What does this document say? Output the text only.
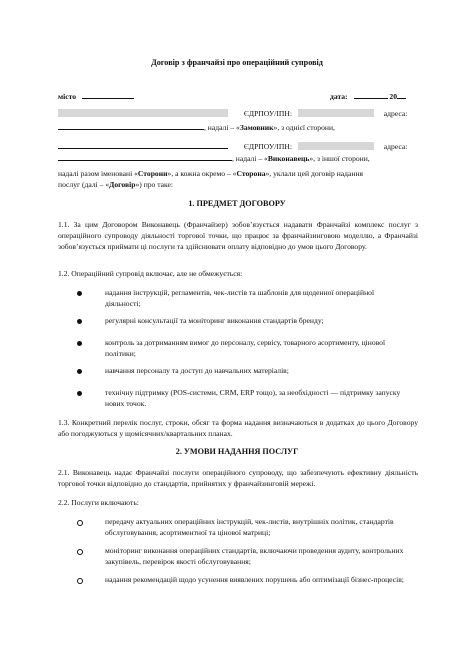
Договір з франчайзі про операційний супровід
місто	дата:	20
ЄДРПОУ/ІПН:	адреса:
, надалі – «Замовник», з однієї сторони,
ЄДРПОУ/ІПН:	адреса:
, надалі – «Виконавець», з іншої сторони,
надалі разом іменовані «Сторони», а кожна окремо – «Сторона», уклали цей договір надання
послуг (далі – «Договір») про таке:
1. ПРЕДМЕТ ДОГОВОРУ
1.1. За цим Договором Виконавець (Франчайзер) зобов’язується надавати Франчайзі комплекс послуг з операційного супроводу діяльності торгової точки, що працює за франчайзинговою моделлю, а Франчайзі зобов’язується приймати ці послуги та здійснювати оплату відповідно до умов цього Договору.
1.2. Операційний супровід включає, але не обмежується:
надання інструкцій, регламентів, чек-листів та шаблонів для щоденної операційної діяльності;
регулярні консультації та моніторинг виконання стандартів бренду;
контроль за дотриманням вимог до персоналу, сервісу, товарного асортименту, цінової політики;
навчання персоналу та доступ до навчальних матеріалів;
технічну підтримку (POS-системи, CRM, ERP тощо), за необхідності — підтримку запуску нових точок.
1.3. Конкретний перелік послуг, строки, обсяг та форма надання визначаються в додатках до цього Договору або погоджуються у щомісячних/квартальних планах.
2. УМОВИ НАДАННЯ ПОСЛУГ
2.1. Виконавець надає Франчайзі послуги операційного супроводу, що забезпечують ефективну діяльність торгової точки відповідно до стандартів, прийнятих у франчайзинговій мережі.
2.2. Послуги включають:
передачу актуальних операційних інструкцій, чек-листів, внутрішніх політик, стандартів обслуговування, асортиментної та цінової матриці;
моніторинг виконання операційних стандартів, включаючи проведення аудиту, контрольних закупівель, перевірок якості обслуговування;
надання рекомендацій щодо усунення виявлених порушень або оптимізації бізнес-процесів;
